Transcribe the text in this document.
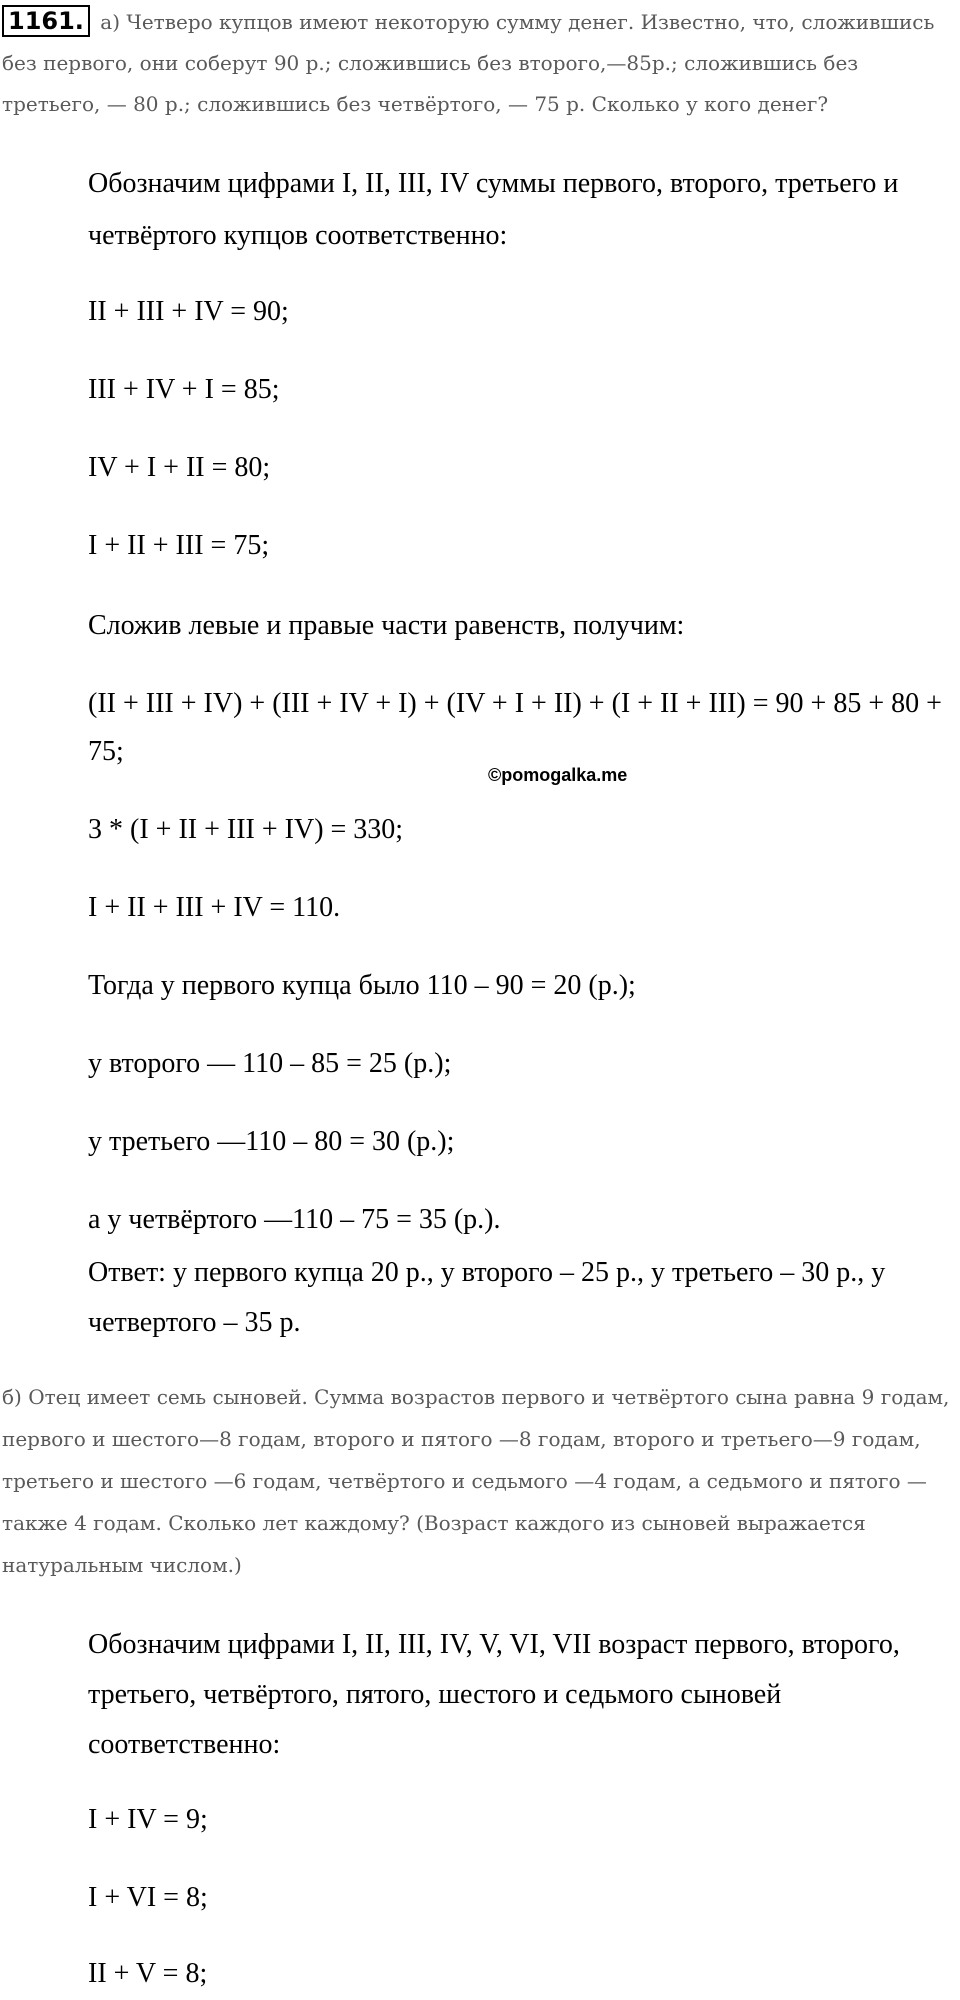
1161. а) Четверо купцов имеют некоторую сумму денег. Известно, что, сложившись без первого, они соберут 90 р.; сложившись без второго,—85р.; сложившись без третьего, — 80 р.; сложившись без четвёртого, — 75 р. Сколько у кого денег?

Обозначим цифрами I, II, III, IV суммы первого, второго, третьего и четвёртого купцов соответственно:

II + III + IV = 90;

III + IV + I = 85;

IV + I + II = 80;

I + II + III = 75;

Сложив левые и правые части равенств, получим:

(II + III + IV) + (III + IV + I) + (IV + I + II) + (I + II + III) = 90 + 85 + 80 + 75;

©pomogalka.me

3 * (I + II + III + IV) = 330;

I + II + III + IV = 110.

Тогда у первого купца было 110 – 90 = 20 (р.);

у второго — 110 – 85 = 25 (р.);

у третьего —110 – 80 = 30 (р.);

а у четвёртого —110 – 75 = 35 (р.).

Ответ: у первого купца 20 р., у второго – 25 р., у третьего – 30 р., у четвертого – 35 р.

б) Отец имеет семь сыновей. Сумма возрастов первого и четвёртого сына равна 9 годам, первого и шестого—8 годам, второго и пятого —8 годам, второго и третьего—9 годам, третьего и шестого —6 годам, четвёртого и седьмого —4 годам, а седьмого и пятого — также 4 годам. Сколько лет каждому? (Возраст каждого из сыновей выражается натуральным числом.)

Обозначим цифрами I, II, III, IV, V, VI, VII возраст первого, второго, третьего, четвёртого, пятого, шестого и седьмого сыновей соответственно:

I + IV = 9;

I + VI = 8;

II + V = 8;
